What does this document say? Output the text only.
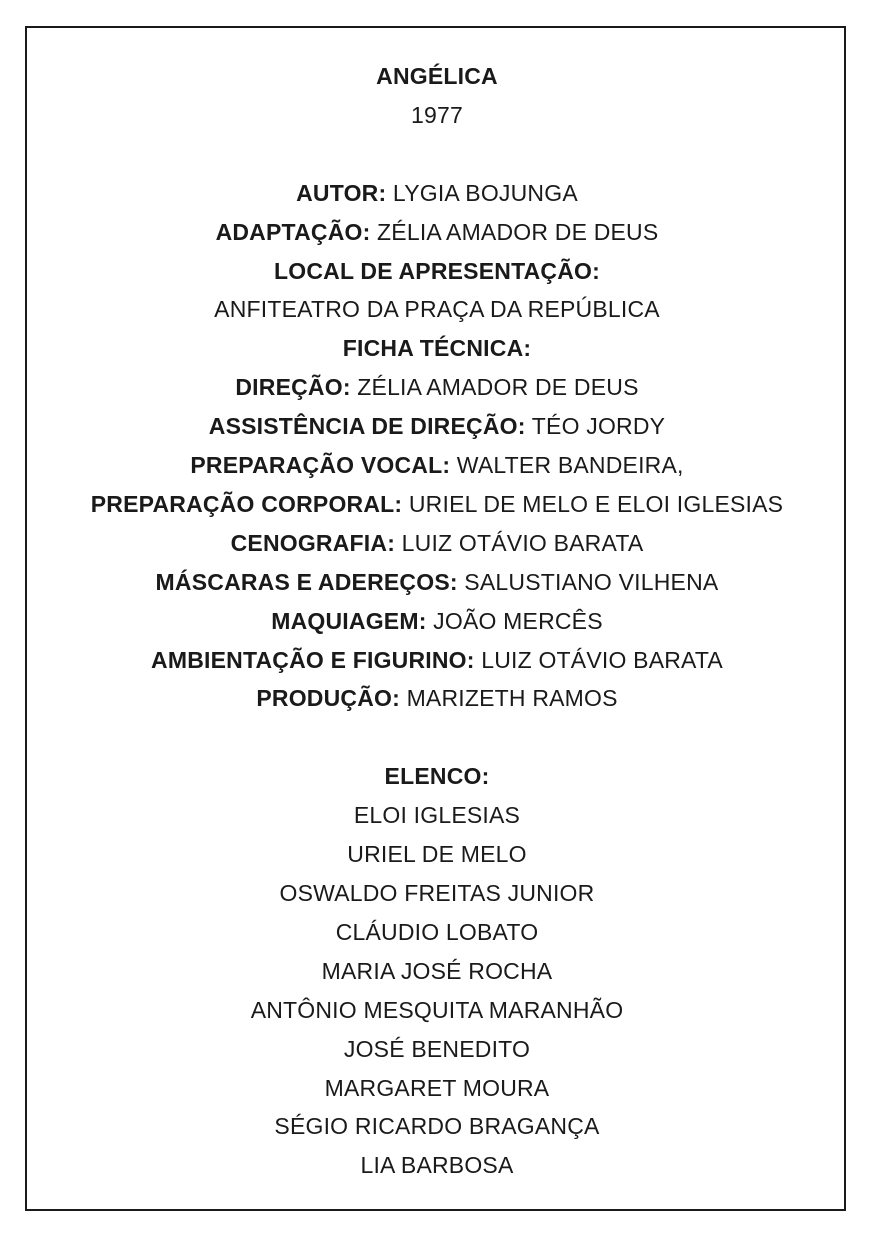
ANGÉLICA
1977
AUTOR: LYGIA BOJUNGA
ADAPTAÇÃO: ZÉLIA AMADOR DE DEUS
LOCAL DE APRESENTAÇÃO:
ANFITEATRO DA PRAÇA DA REPÚBLICA
FICHA TÉCNICA:
DIREÇÃO: ZÉLIA AMADOR DE DEUS
ASSISTÊNCIA DE DIREÇÃO: TÉO JORDY
PREPARAÇÃO VOCAL: WALTER BANDEIRA,
PREPARAÇÃO CORPORAL: URIEL DE MELO E ELOI IGLESIAS
CENOGRAFIA: LUIZ OTÁVIO BARATA
MÁSCARAS E ADEREÇOS: SALUSTIANO VILHENA
MAQUIAGEM: JOÃO MERCÊS
AMBIENTAÇÃO E FIGURINO: LUIZ OTÁVIO BARATA
PRODUÇÃO: MARIZETH RAMOS
ELENCO:
ELOI IGLESIAS
URIEL DE MELO
OSWALDO FREITAS JUNIOR
CLÁUDIO LOBATO
MARIA JOSÉ ROCHA
ANTÔNIO MESQUITA MARANHÃO
JOSÉ BENEDITO
MARGARET MOURA
SÉGIO RICARDO BRAGANÇA
LIA BARBOSA
